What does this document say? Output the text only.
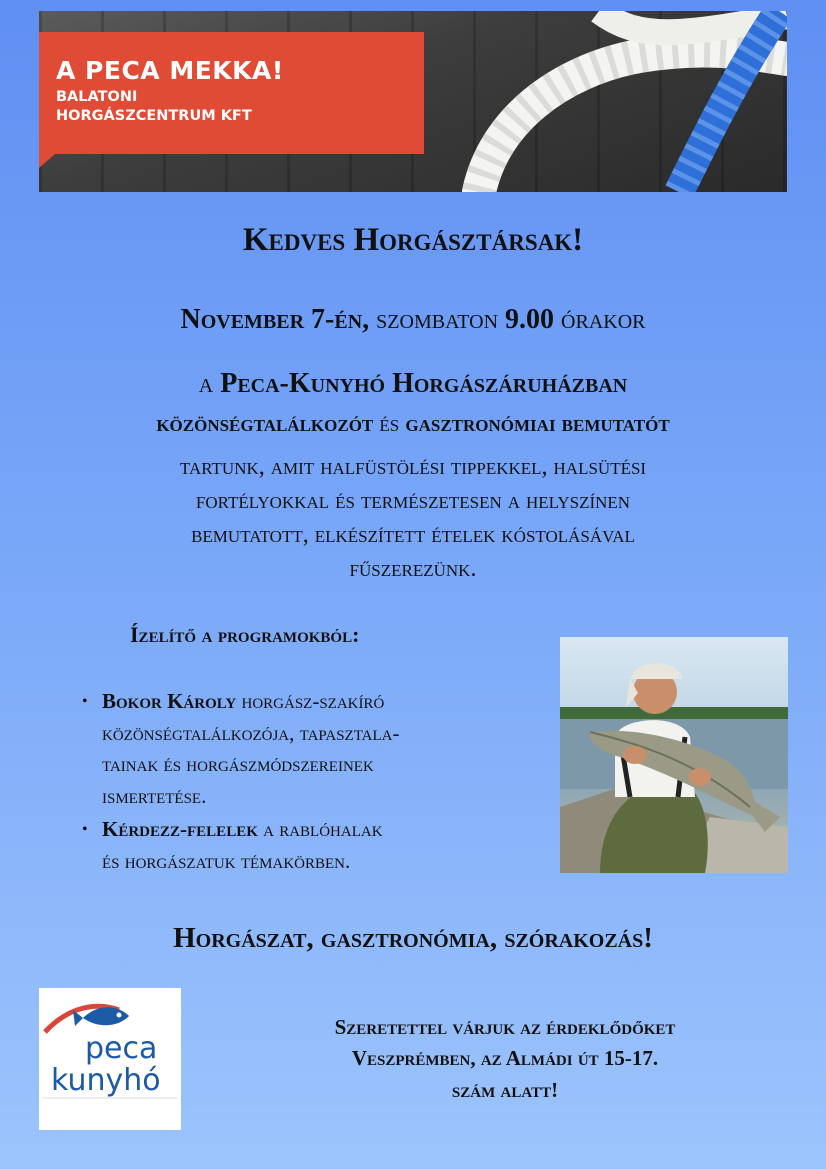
A PECA MEKKA!
BALATONI
HORGÁSZCENTRUM KFT
Kedves Horgásztársak!
November 7-én, szombaton 9.00 órakor
a Peca-Kunyhó Horgászáruházban
közönségtalálkozót és gasztronómiai bemutatót
tartunk, amit halfüstölési tippekkel, halsütési
fortélyokkal és természetesen a helyszínen
bemutatott, elkészített ételek kóstolásával
fűszerezünk.
Ízelítő a programokból:
• Bokor Károly horgász-szakíró
közönségtalálkozója, tapasztala-
tainak és horgászmódszereinek
ismertetése.
• Kérdezz-felelek a rablóhalak
és horgászatuk témakörben.
Horgászat, gasztronómia, szórakozás!
peca
kunyhó
Szeretettel várjuk az érdeklődőket
Veszprémben, az Almádi út 15-17.
szám alatt!
